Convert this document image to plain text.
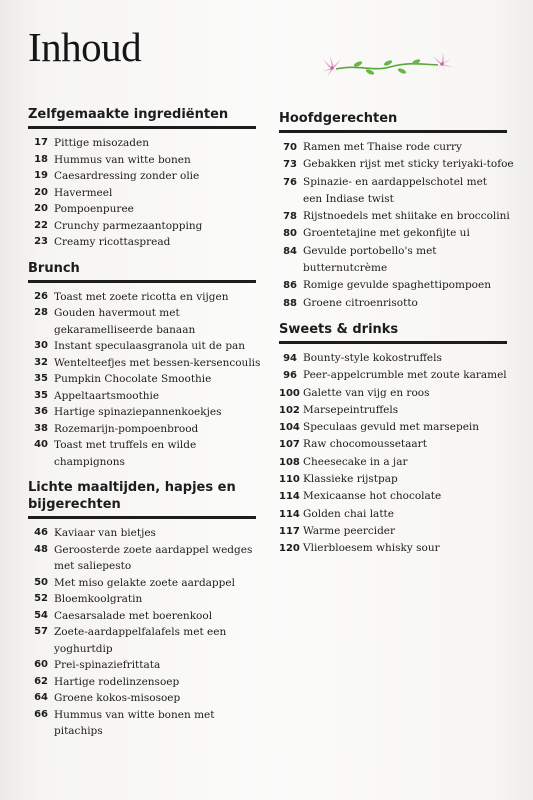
Inhoud
Zelfgemaakte ingrediënten
17 Pittige misozaden
18 Hummus van witte bonen
19 Caesardressing zonder olie
20 Havermeel
20 Pompoenpuree
22 Crunchy parmezaantopping
23 Creamy ricottaspread
Brunch
26 Toast met zoete ricotta en vijgen
28 Gouden havermout met gekaramelliseerde banaan
30 Instant speculaasgranola uit de pan
32 Wentelteefjes met bessen-kersencoulis
35 Pumpkin Chocolate Smoothie
35 Appeltaartsmoothie
36 Hartige spinaziepannenkoekjes
38 Rozemarijn-pompoenbrood
40 Toast met truffels en wilde champignons
Lichte maaltijden, hapjes en bijgerechten
46 Kaviaar van bietjes
48 Geroosterde zoete aardappel wedges met saliepesto
50 Met miso gelakte zoete aardappel
52 Bloemkoolgratin
54 Caesarsalade met boerenkool
57 Zoete-aardappelfalafels met een yoghurtdip
60 Prei-spinaziefrittata
62 Hartige rodelinzensoep
64 Groene kokos-misosoep
66 Hummus van witte bonen met pitachips
Hoofdgerechten
70 Ramen met Thaise rode curry
73 Gebakken rijst met sticky teriyaki-tofoe
76 Spinazie- en aardappelschotel met een Indiase twist
78 Rijstnoedels met shiitake en broccolini
80 Groentetajine met gekonfijte ui
84 Gevulde portobello's met butternutcrème
86 Romige gevulde spaghettipompoen
88 Groene citroenrisotto
Sweets & drinks
94 Bounty-style kokostruffels
96 Peer-appelcrumble met zoute karamel
100 Galette van vijg en roos
102 Marsepeintruffels
104 Speculaas gevuld met marsepein
107 Raw chocomoussetaart
108 Cheesecake in a jar
110 Klassieke rijstpap
114 Mexicaanse hot chocolate
114 Golden chai latte
117 Warme peercider
120 Vlierbloesem whisky sour
